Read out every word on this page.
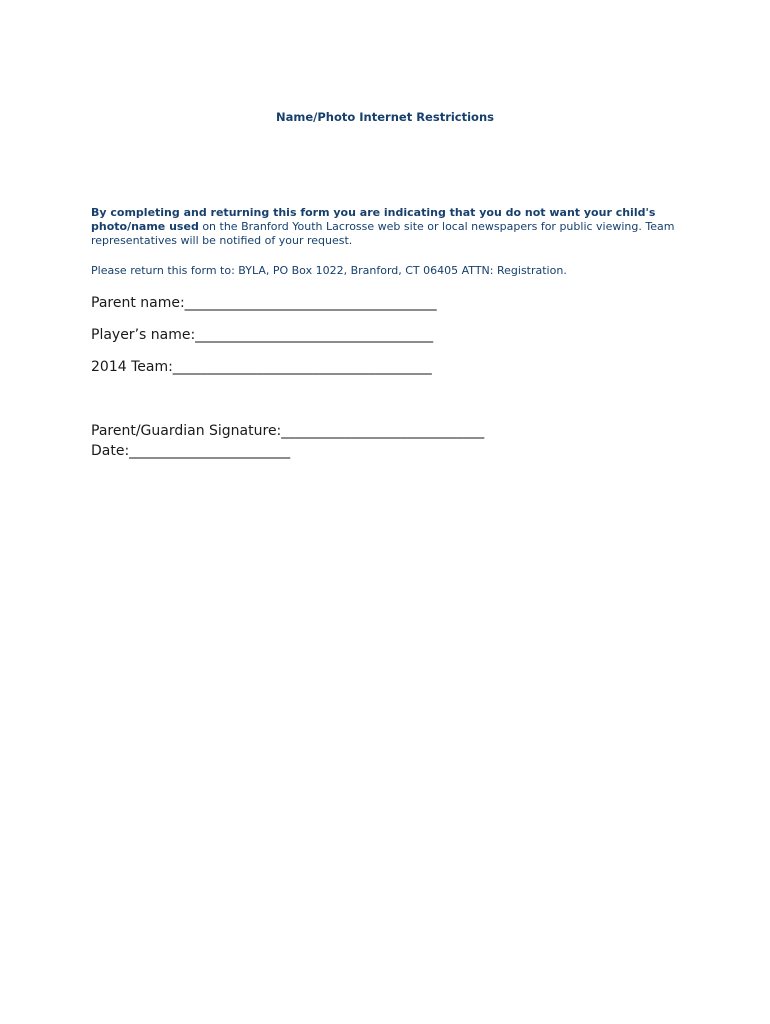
Name/Photo Internet Restrictions
By completing and returning this form you are indicating that you do not want your child's photo/name used on the Branford Youth Lacrosse web site or local newspapers for public viewing. Team representatives will be notified of your request.
Please return this form to: BYLA, PO Box 1022, Branford, CT 06405 ATTN: Registration.
Parent name:____________________________________
Player’s name:__________________________________
2014 Team:_____________________________________
Parent/Guardian Signature:_____________________________
Date:_______________________
